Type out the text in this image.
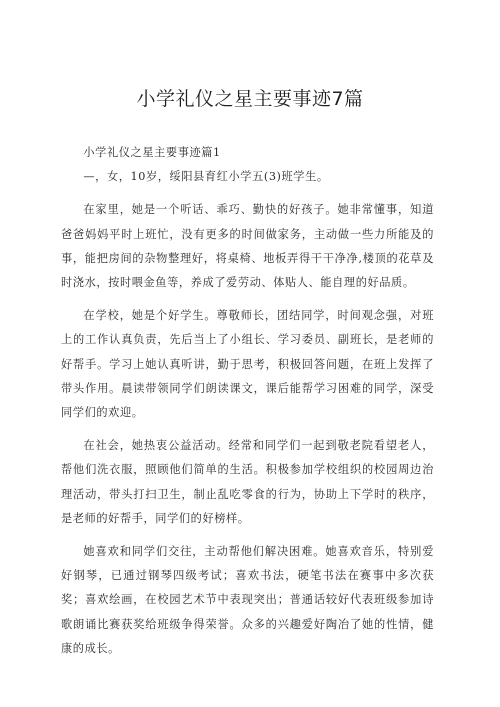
小学礼仪之星主要事迹7篇

小学礼仪之星主要事迹篇1

—，女，10岁，绥阳县育红小学五(3)班学生。

在家里，她是一个听话、乖巧、勤快的好孩子。她非常懂事，知道爸爸妈妈平时上班忙，没有更多的时间做家务，主动做一些力所能及的事，能把房间的杂物整理好，将桌椅、地板弄得干干净净,楼顶的花草及时浇水，按时喂金鱼等，养成了爱劳动、体贴人、能自理的好品质。

在学校，她是个好学生。尊敬师长，团结同学，时间观念强，对班上的工作认真负责，先后当上了小组长、学习委员、副班长，是老师的好帮手。学习上她认真听讲，勤于思考，积极回答问题，在班上发挥了带头作用。晨读带领同学们朗读课文，课后能帮学习困难的同学，深受同学们的欢迎。

在社会，她热衷公益活动。经常和同学们一起到敬老院看望老人，帮他们洗衣服，照顾他们简单的生活。积极参加学校组织的校园周边治理活动，带头打扫卫生，制止乱吃零食的行为，协助上下学时的秩序，是老师的好帮手，同学们的好榜样。

她喜欢和同学们交往，主动帮他们解决困难。她喜欢音乐，特别爱好钢琴，已通过钢琴四级考试；喜欢书法，硬笔书法在赛事中多次获奖；喜欢绘画，在校园艺术节中表现突出；普通话较好代表班级参加诗歌朗诵比赛获奖给班级争得荣誉。众多的兴趣爱好陶冶了她的性情，健康的成长。
